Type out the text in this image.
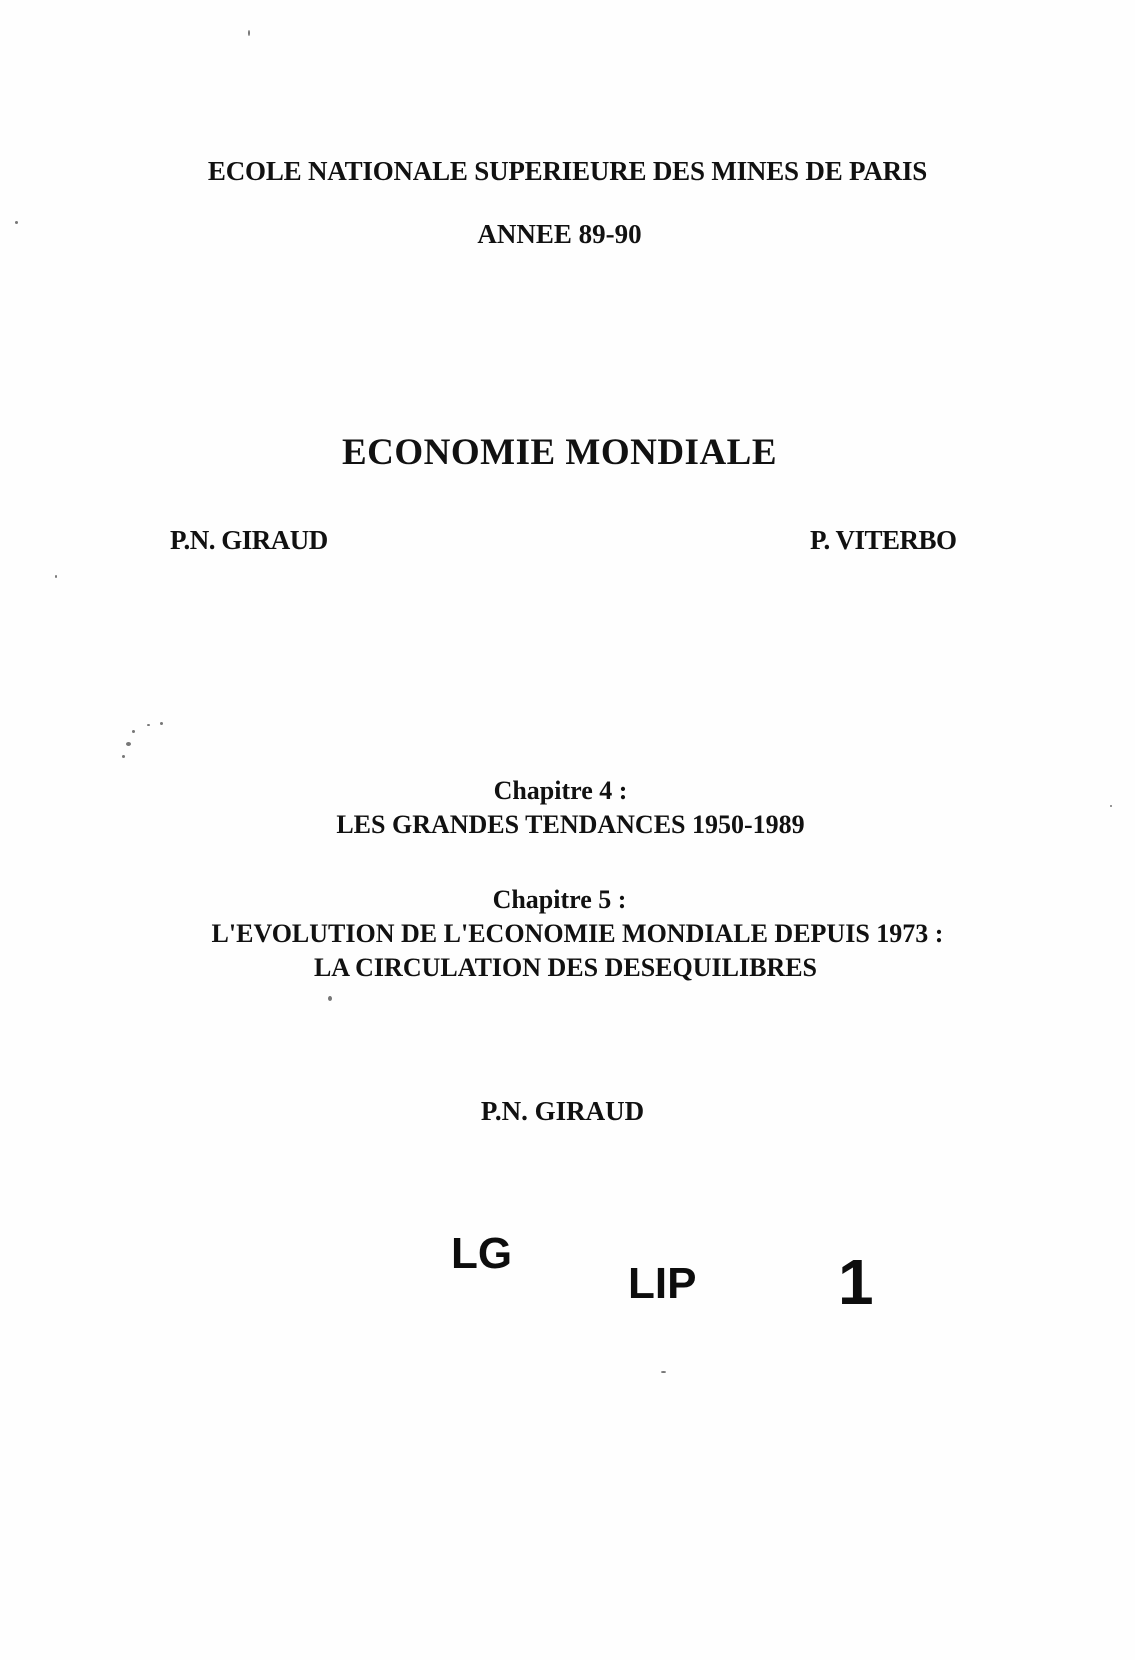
ECOLE NATIONALE SUPERIEURE DES MINES DE PARIS
ANNEE 89-90
ECONOMIE MONDIALE
P.N. GIRAUD	P. VITERBO
Chapitre 4 :
LES GRANDES TENDANCES 1950-1989
Chapitre 5 :
L'EVOLUTION DE L'ECONOMIE MONDIALE DEPUIS 1973 :
LA CIRCULATION DES DESEQUILIBRES
P.N. GIRAUD
LG
LIP 1
